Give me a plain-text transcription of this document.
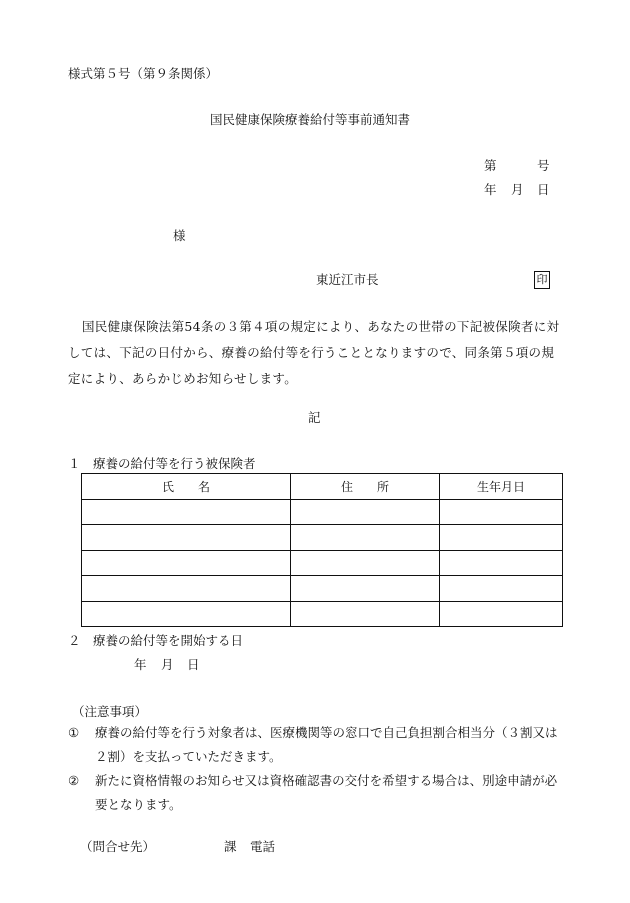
様式第５号（第９条関係）
国民健康保険療養給付等事前通知書
第	号
年 月 日
様
東近江市長	印
国民健康保険法第54条の３第４項の規定により、あなたの世帯の下記被保険者に対しては、下記の日付から、療養の給付等を行うこととなりますので、同条第５項の規定により、あらかじめお知らせします。
記
１　療養の給付等を行う被保険者
氏　　名	住　　所	生年月日

２　療養の給付等を開始する日
年 月 日
（注意事項）
① 療養の給付等を行う対象者は、医療機関等の窓口で自己負担割合相当分（３割又は２割）を支払っていただきます。
② 新たに資格情報のお知らせ又は資格確認書の交付を希望する場合は、別途申請が必要となります。
（問合せ先）	課 電話
